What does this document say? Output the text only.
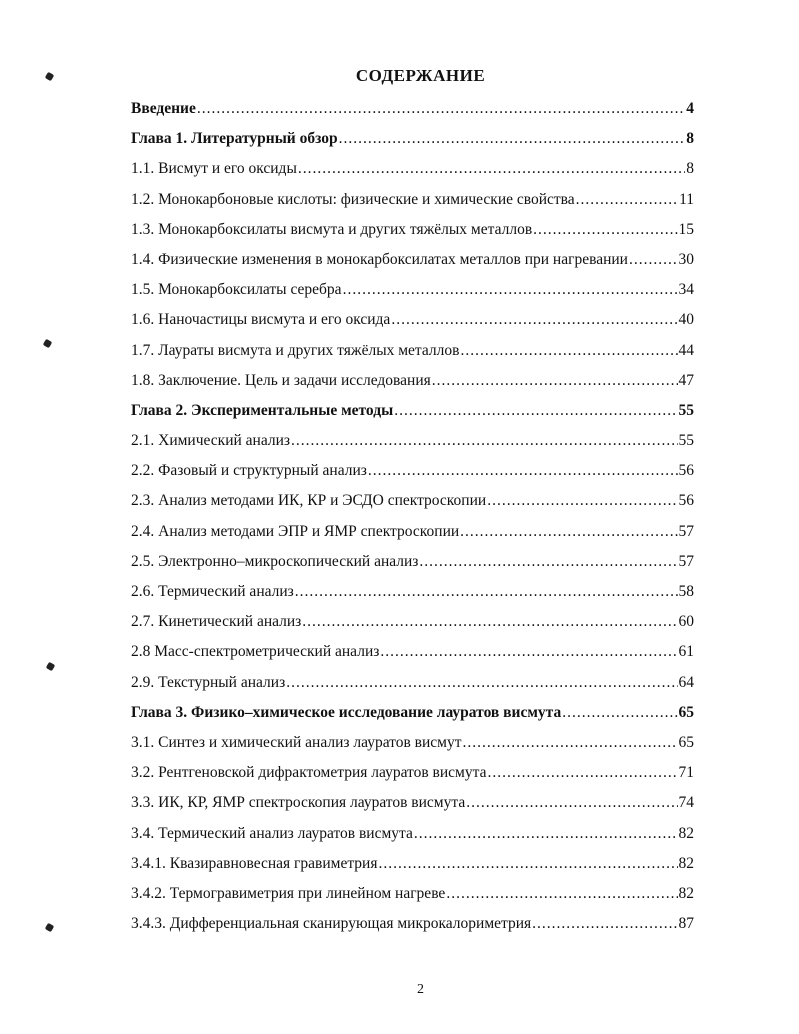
СОДЕРЖАНИЕ
Введение .....	4
Глава 1. Литературный обзор .....	8
1.1. Висмут и его оксиды .....	8
1.2. Монокарбоновые кислоты: физические и химические свойства .....	11
1.3. Монокарбоксилаты висмута и других тяжёлых металлов .....	15
1.4. Физические изменения в монокарбоксилатах металлов при нагревании .....	30
1.5. Монокарбоксилаты серебра .....	34
1.6. Наночастицы висмута и его оксида .....	40
1.7. Лаураты висмута и других тяжёлых металлов .....	44
1.8. Заключение. Цель и задачи исследования .....	47
Глава 2. Экспериментальные методы .....	55
2.1. Химический анализ .....	55
2.2. Фазовый и структурный анализ .....	56
2.3. Анализ методами ИК, КР и ЭСДО спектроскопии .....	56
2.4. Анализ методами ЭПР и ЯМР спектроскопии .....	57
2.5. Электронно–микроскопический анализ .....	57
2.6. Термический анализ .....	58
2.7. Кинетический анализ .....	60
2.8 Масс-спектрометрический анализ .....	61
2.9. Текстурный анализ .....	64
Глава 3. Физико–химическое исследование лауратов висмута .....	65
3.1. Синтез и химический анализ лауратов висмут .....	65
3.2. Рентгеновской дифрактометрия лауратов висмута .....	71
3.3. ИК, КР, ЯМР спектроскопия лауратов висмута .....	74
3.4. Термический анализ лауратов висмута .....	82
3.4.1. Квазиравновесная гравиметрия .....	82
3.4.2. Термогравиметрия при линейном нагреве .....	82
3.4.3. Дифференциальная сканирующая микрокалориметрия .....	87
2
